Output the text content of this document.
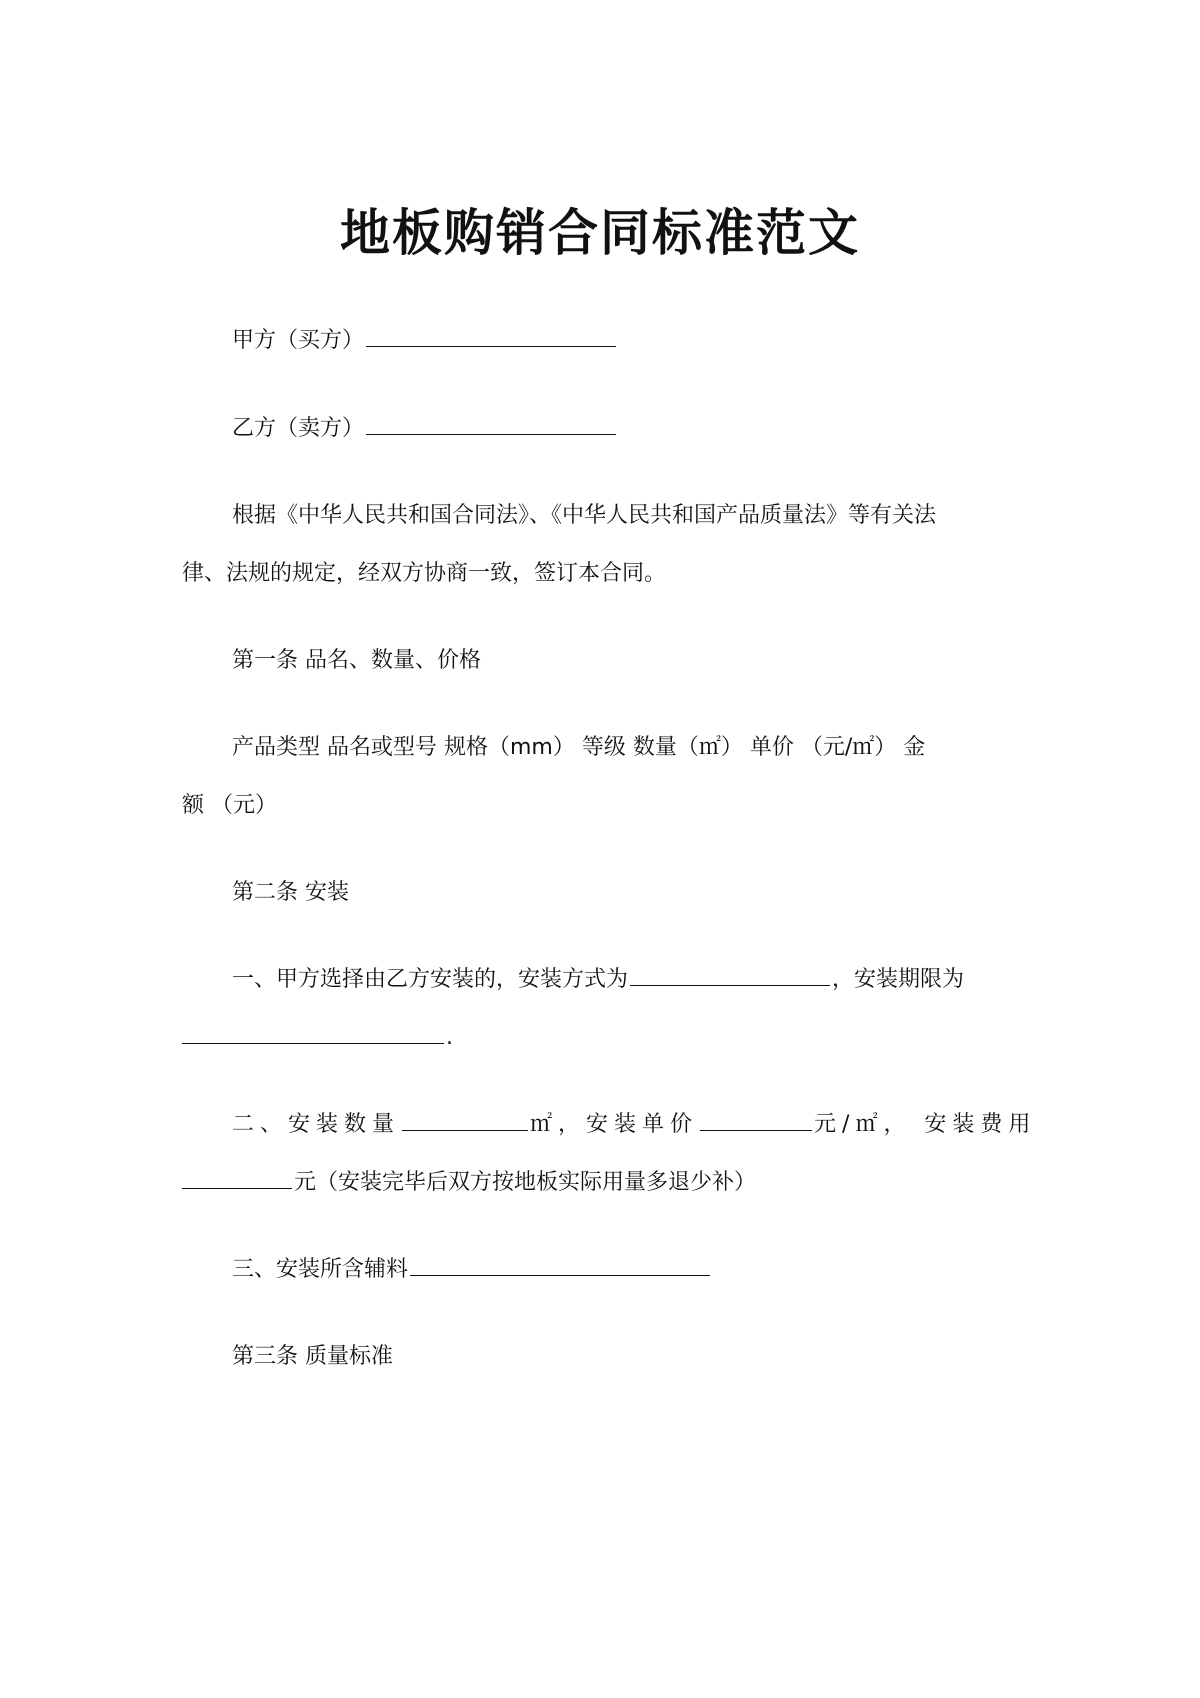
地板购销合同标准范文
甲方（买方）
乙方（卖方）
根据《中华人民共和国合同法》、《中华人民共和国产品质量法》等有关法
律、法规的规定，经双方协商一致，签订本合同。
第一条 品名、数量、价格
产品类型 品名或型号 规格（mm） 等级 数量（㎡） 单价 （元/㎡） 金
额 （元）
第二条 安装
一、甲方选择由乙方安装的，安装方式为	，安装期限为
.
二、安装数量	㎡，安装单价	元/㎡， 安装费用
元（安装完毕后双方按地板实际用量多退少补）
三、安装所含辅料
第三条 质量标准
